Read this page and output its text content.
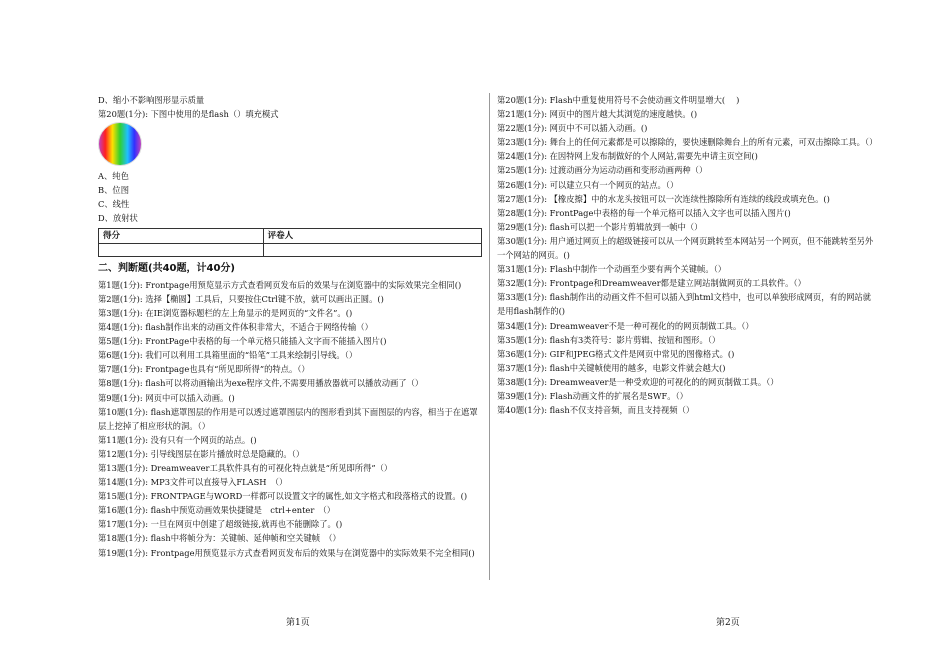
D、缩小不影响图形显示质量

第20题(1分): 下图中使用的是flash（）填充模式

A、纯色

B、位图

C、线性

D、放射状

得分	评卷人

二、判断题(共40题，计40分)

第1题(1分): Frontpage用预览显示方式查看网页发布后的效果与在浏览器中的实际效果完全相同()

第2题(1分): 选择【椭圆】工具后，只要按住Ctrl键不放，就可以画出正圆。()

第3题(1分): 在IE浏览器标题栏的左上角显示的是网页的“文件名”。()

第4题(1分): flash制作出来的动画文件体积非常大，不适合于网络传输（）

第5题(1分): FrontPage中表格的每一个单元格只能插入文字而不能插入图片()

第6题(1分): 我们可以利用工具箱里面的“铅笔”工具来绘制引导线。（）

第7题(1分): Frontpage也具有“所见即所得”的特点。（）

第8题(1分): flash可以将动画输出为exe程序文件,不需要用播放器就可以播放动画了（）

第9题(1分): 网页中可以插入动画。()

第10题(1分): flash遮罩图层的作用是可以透过遮罩图层内的图形看到其下面图层的内容，相当于在遮罩层上挖掉了相应形状的洞。（）

第11题(1分): 没有只有一个网页的站点。()

第12题(1分): 引导线图层在影片播放时总是隐藏的。（）

第13题(1分): Dreamweaver工具软件具有的可视化特点就是“所见即所得”（）

第14题(1分): MP3文件可以直接导入FLASH　（）

第15题(1分): FRONTPAGE与WORD一样都可以设置文字的属性,如文字格式和段落格式的设置。()

第16题(1分): flash中预览动画效果快捷键是　ctrl+enter　（）

第17题(1分): 一旦在网页中创建了超级链接,就再也不能删除了。()

第18题(1分): flash中将帧分为：关键帧、延伸帧和空关键帧　（）

第19题(1分): Frontpage用预览显示方式查看网页发布后的效果与在浏览器中的实际效果不完全相同()

第20题(1分): Flash中重复使用符号不会使动画文件明显增大(　 )

第21题(1分): 网页中的图片越大其浏览的速度越快。()

第22题(1分): 网页中不可以插入动画。()

第23题(1分): 舞台上的任何元素都是可以擦除的，要快速删除舞台上的所有元素，可双击擦除工具。（）

第24题(1分): 在因特网上发布制做好的个人网站,需要先申请主页空间()

第25题(1分): 过渡动画分为运动动画和变形动画两种（）

第26题(1分): 可以建立只有一个网页的站点。（）

第27题(1分): 【橡皮擦】中的水龙头按钮可以一次连续性擦除所有连续的线段或填充色。()

第28题(1分): FrontPage中表格的每一个单元格可以插入文字也可以插入图片()

第29题(1分): flash可以把一个影片剪辑放到一帧中（）

第30题(1分): 用户通过网页上的超级链接可以从一个网页跳转至本网站另一个网页，但不能跳转至另外一个网站的网页。()

第31题(1分): Flash中制作一个动画至少要有两个关键帧。（）

第32题(1分): Frontpage和Dreamweaver都是建立网站制做网页的工具软件。（）

第33题(1分): flash制作出的动画文件不但可以插入到html文档中，也可以单独形成网页，有的网站就是用flash制作的()

第34题(1分): Dreamweaver不是一种可视化的的网页制做工具。（）

第35题(1分): flash有3类符号：影片剪辑、按钮和图形。（）

第36题(1分): GIF和JPEG格式文件是网页中常见的图像格式。()

第37题(1分): flash中关键帧使用的越多，电影文件就会越大()

第38题(1分): Dreamweaver是一种受欢迎的可视化的的网页制做工具。（）

第39题(1分): Flash动画文件的扩展名是SWF。（）

第40题(1分): flash不仅支持音频，而且支持视频（）

第1页	第2页
